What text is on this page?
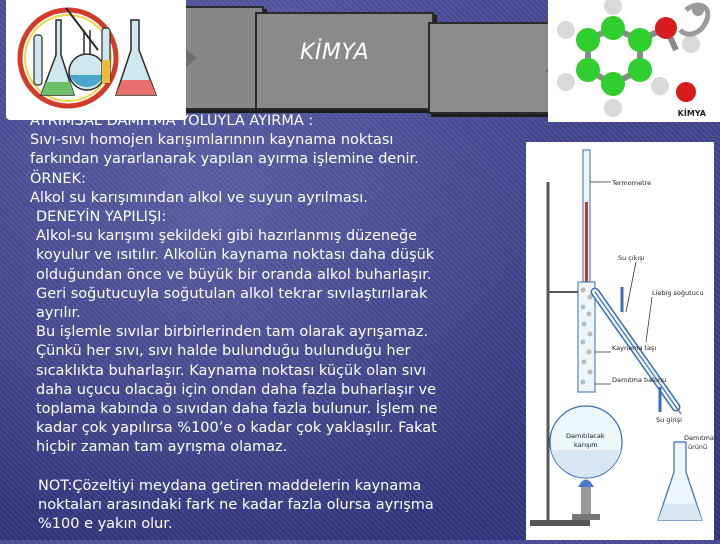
KİMYA
KİMYA

AYRIMSAL DAMITMA YOLUYLA AYIRMA :

Sıvı-sıvı homojen karışımlarınnın kaynama noktası

farkından yararlanarak yapılan ayırma işlemine denir.

ÖRNEK:

Alkol su karışımından alkol ve suyun ayrılması.

DENEYİN YAPILIŞI:

Alkol-su karışımı şekildeki gibi hazırlanmış düzeneğe

koyulur ve ısıtılır. Alkolün kaynama noktası daha düşük

olduğundan önce ve büyük bir oranda alkol buharlaşır.

Geri soğutucuyla soğutulan alkol tekrar sıvılaştırılarak

ayrılır.

Bu işlemle sıvılar birbirlerinden tam olarak ayrışamaz.

Çünkü her sıvı, sıvı halde bulunduğu bulunduğu her

sıcaklıkta buharlaşır. Kaynama noktası küçük olan sıvı

daha uçucu olacağı için ondan daha fazla buharlaşır ve

toplama kabında o sıvıdan daha fazla bulunur. İşlem ne

kadar çok yapılırsa %100’e o kadar çok yaklaşılır. Fakat

hiçbir zaman tam ayrışma olamaz.

NOT:Çözeltiyi meydana getiren maddelerin kaynama

noktaları arasındaki fark ne kadar fazla olursa ayrışma

%100 e yakın olur.

Termometre
Su çıkışı
Liebig soğutucu
Kaynama taşı
Damıtma balonu
Su girişi
Damıtılacak
karışım
Damıtma
ürünü
